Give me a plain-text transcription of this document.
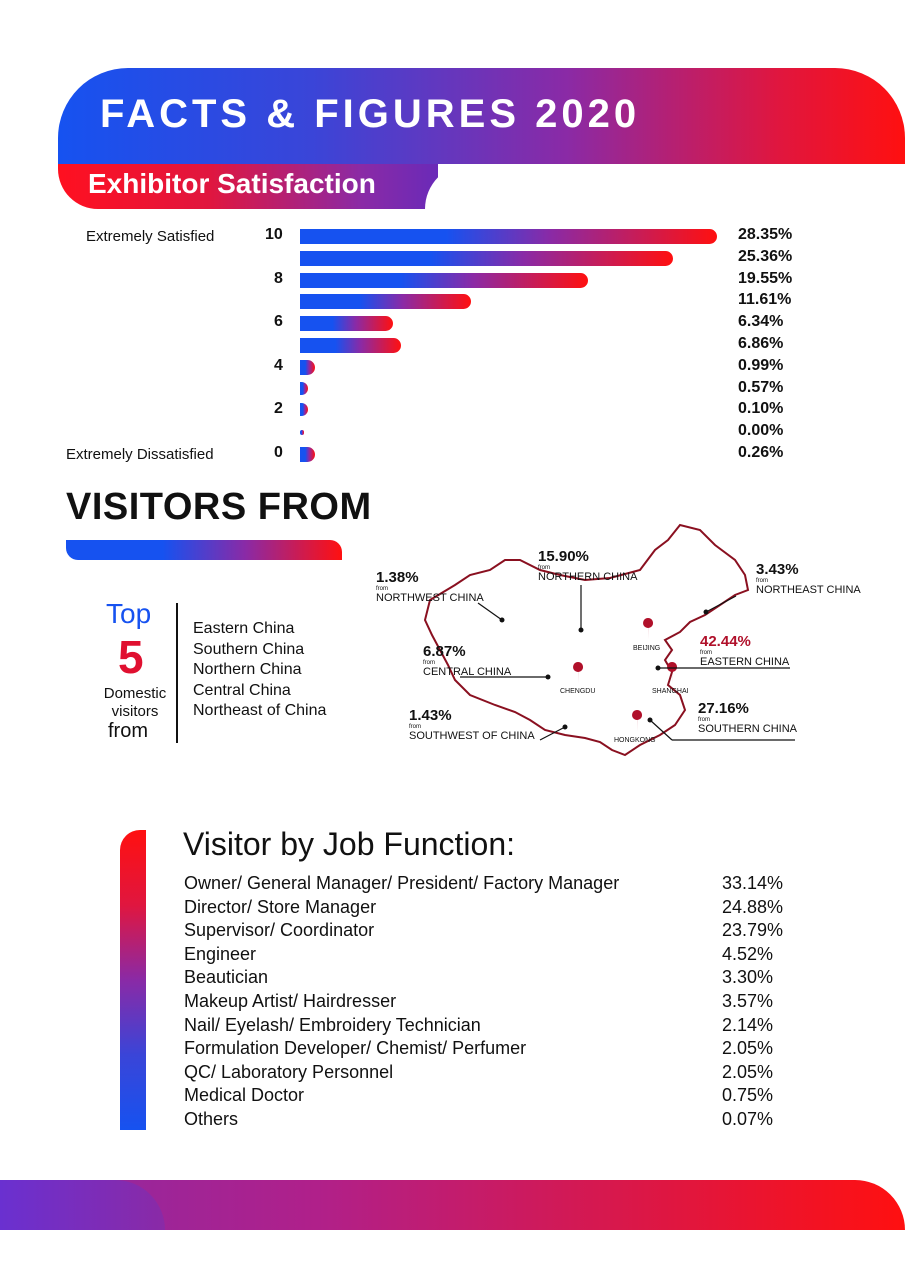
FACTS & FIGURES 2020
Exhibitor Satisfaction
Extremely Satisfied
Extremely Dissatisfied
28.35%
10
25.36%
19.55%
8
11.61%
6.34%
6
6.86%
0.99%
4
0.57%
0.10%
2
0.00%
0.26%
0
VISITORS FROM
Top
5
Domestic visitors
from
Eastern China
Southern China
Northern China
Central China
Northeast of China
15.90%
from
NORTHERN CHINA	3.43%
from
NORTHEAST CHINA
1.38%
from
NORTHWEST CHINA
42.44%
from
EASTERN CHINA
6.87%
from
CENTRAL CHINA
27.16%
from
SOUTHERN CHINA
1.43%
from
SOUTHWEST OF CHINA
BEIJING
CHENGDU	SHANGHAI
HONGKONG
Visitor by Job Function:
Owner/ General Manager/ President/ Factory Manager	33.14%
Director/ Store Manager	24.88%
Supervisor/ Coordinator	23.79%
Engineer	4.52%
Beautician	3.30%
Makeup Artist/ Hairdresser	3.57%
Nail/ Eyelash/ Embroidery Technician	2.14%
Formulation Developer/ Chemist/ Perfumer	2.05%
QC/ Laboratory Personnel	2.05%
Medical Doctor	0.75%
Others	0.07%
